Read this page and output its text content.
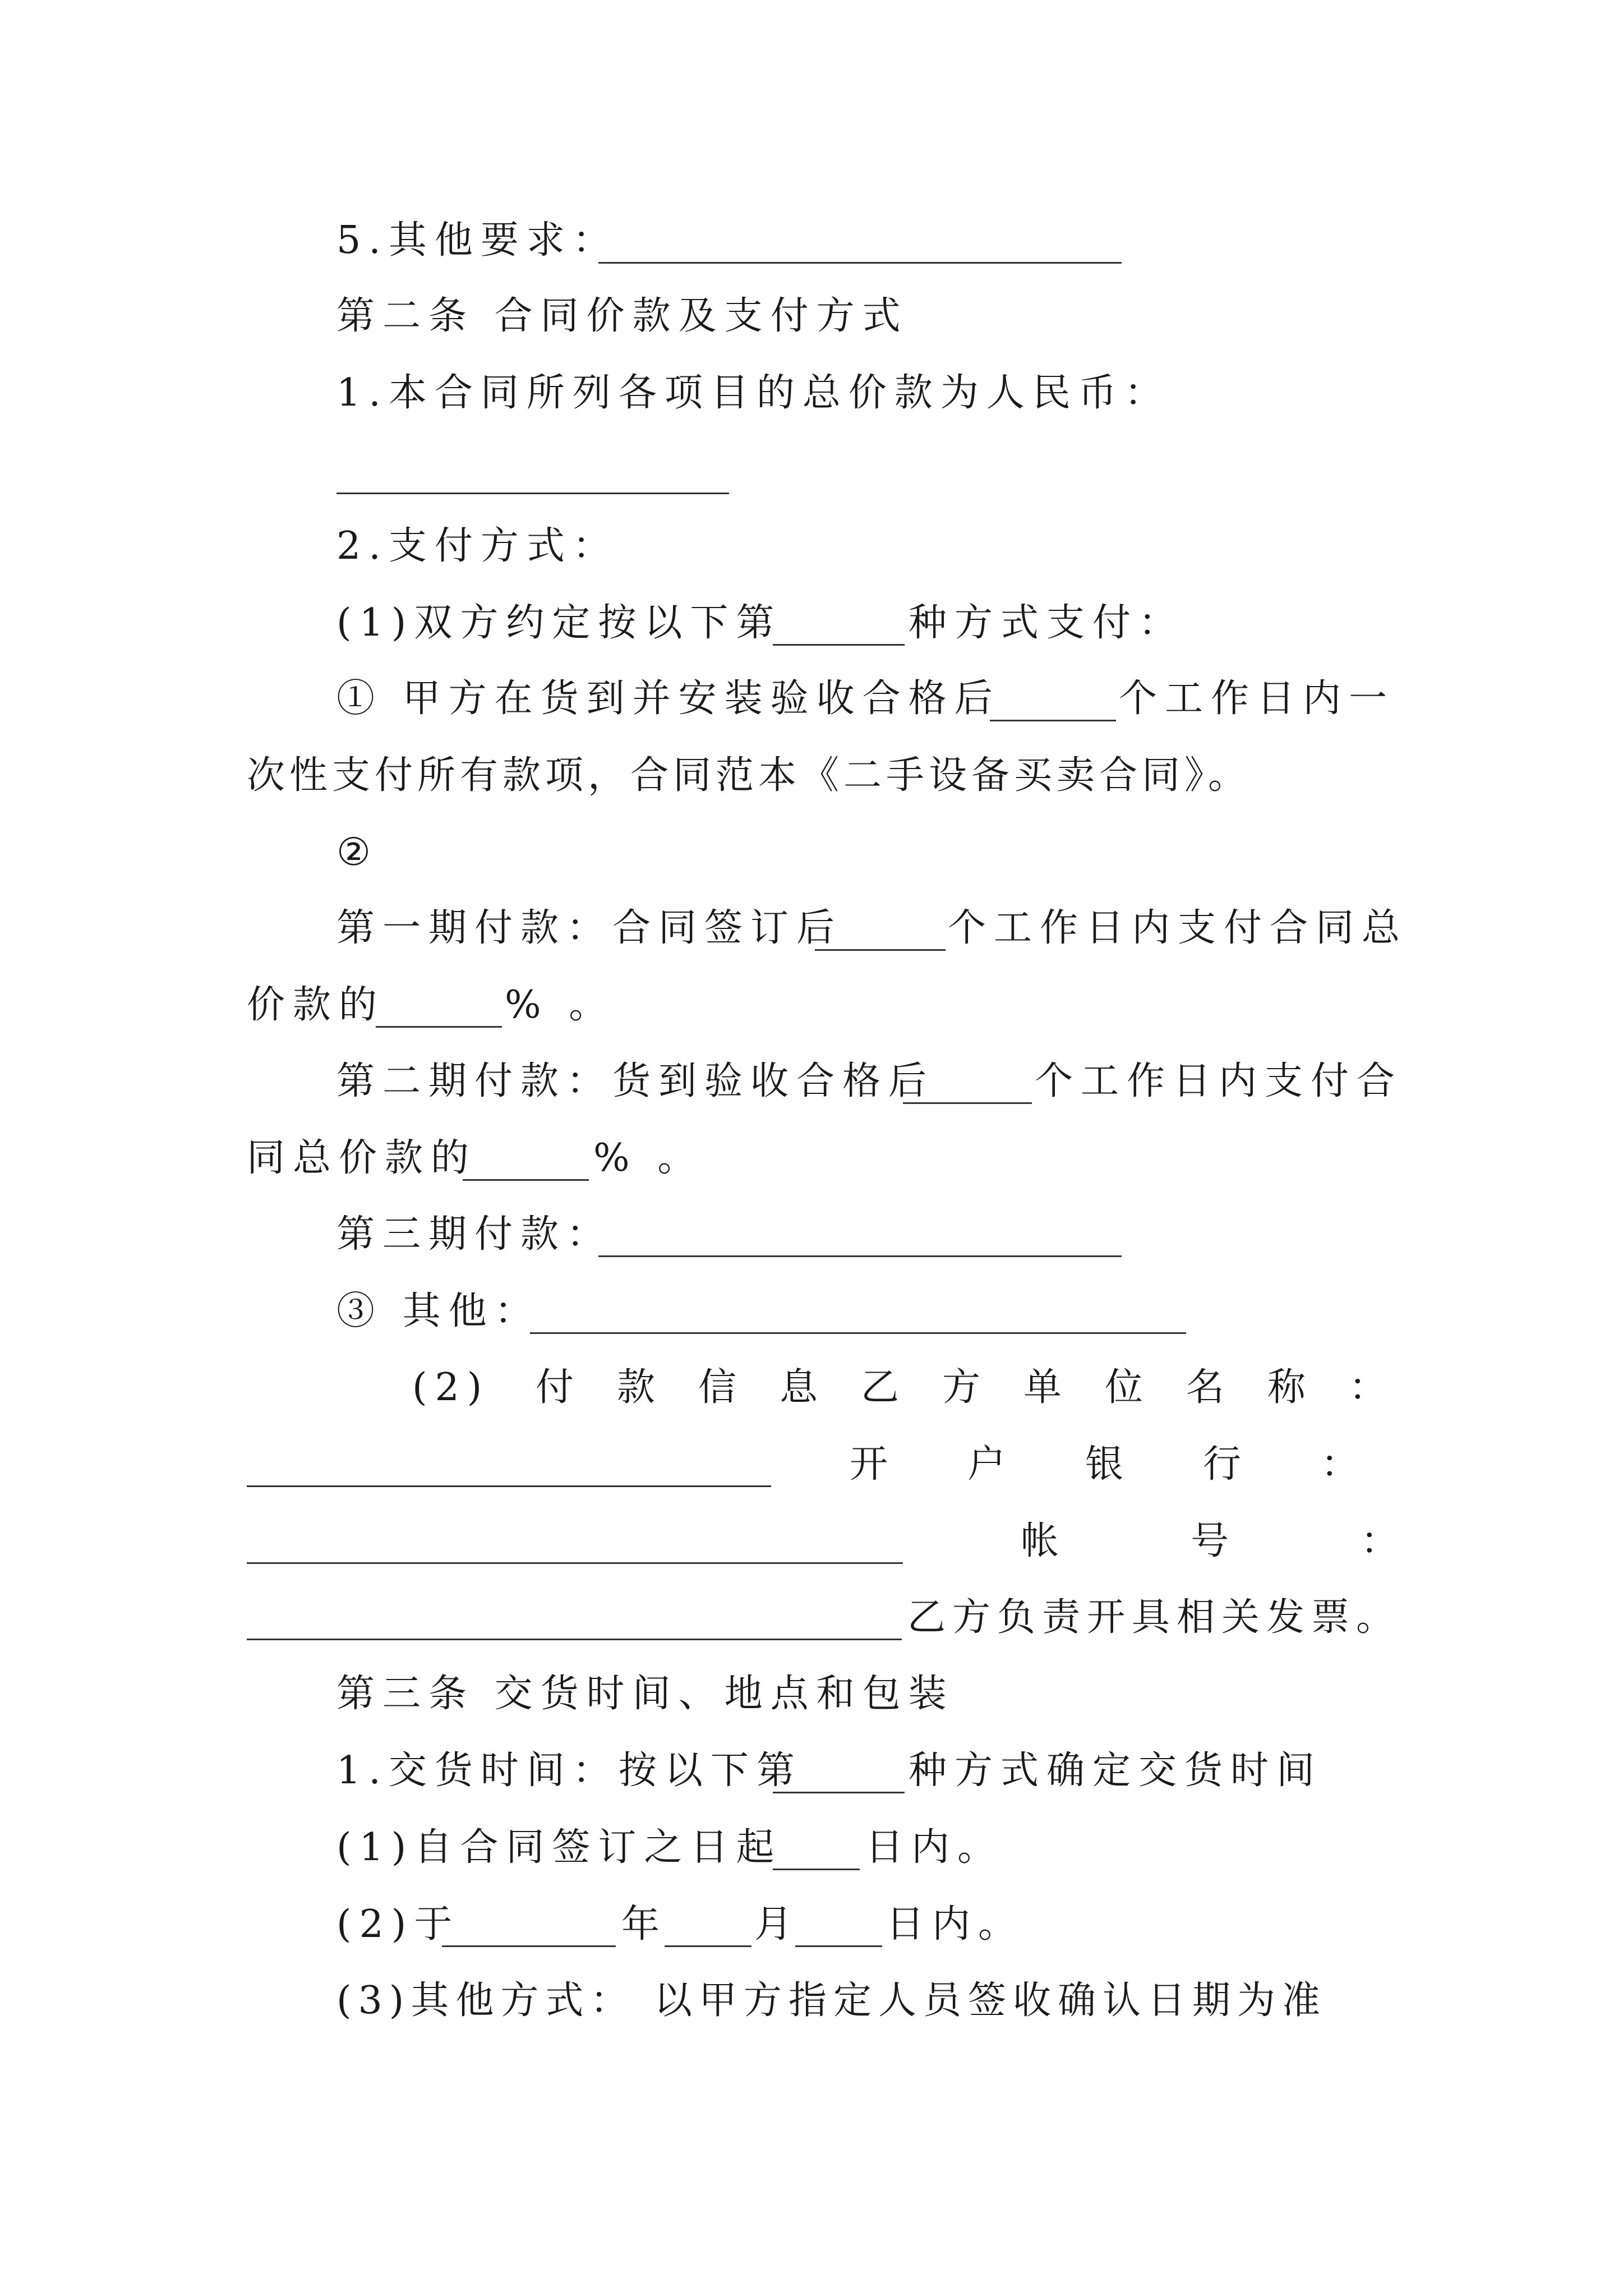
5.其他要求：
第二条 合同价款及支付方式
1.本合同所列各项目的总价款为人民币：
2.支付方式：
(1)双方约定按以下第	种方式支付：
① 甲方在货到并安装验收合格后	个工作日内一
次性支付所有款项，合同范本《二手设备买卖合同》。
②
第一期付款：合同签订后	个工作日内支付合同总
价款的	% 。
第二期付款：货到验收合格后	个工作日内支付合
同总价款的	% 。
第三期付款：
③ 其他：
(2) 付款信息乙方单位名称：
开户银行：
帐号：
乙方负责开具相关发票。
第三条 交货时间、地点和包装
1.交货时间：按以下第	种方式确定交货时间
(1)自合同签订之日起 日内。
(2)于	年 月 日内。
(3)其他方式： 以甲方指定人员签收确认日期为准
